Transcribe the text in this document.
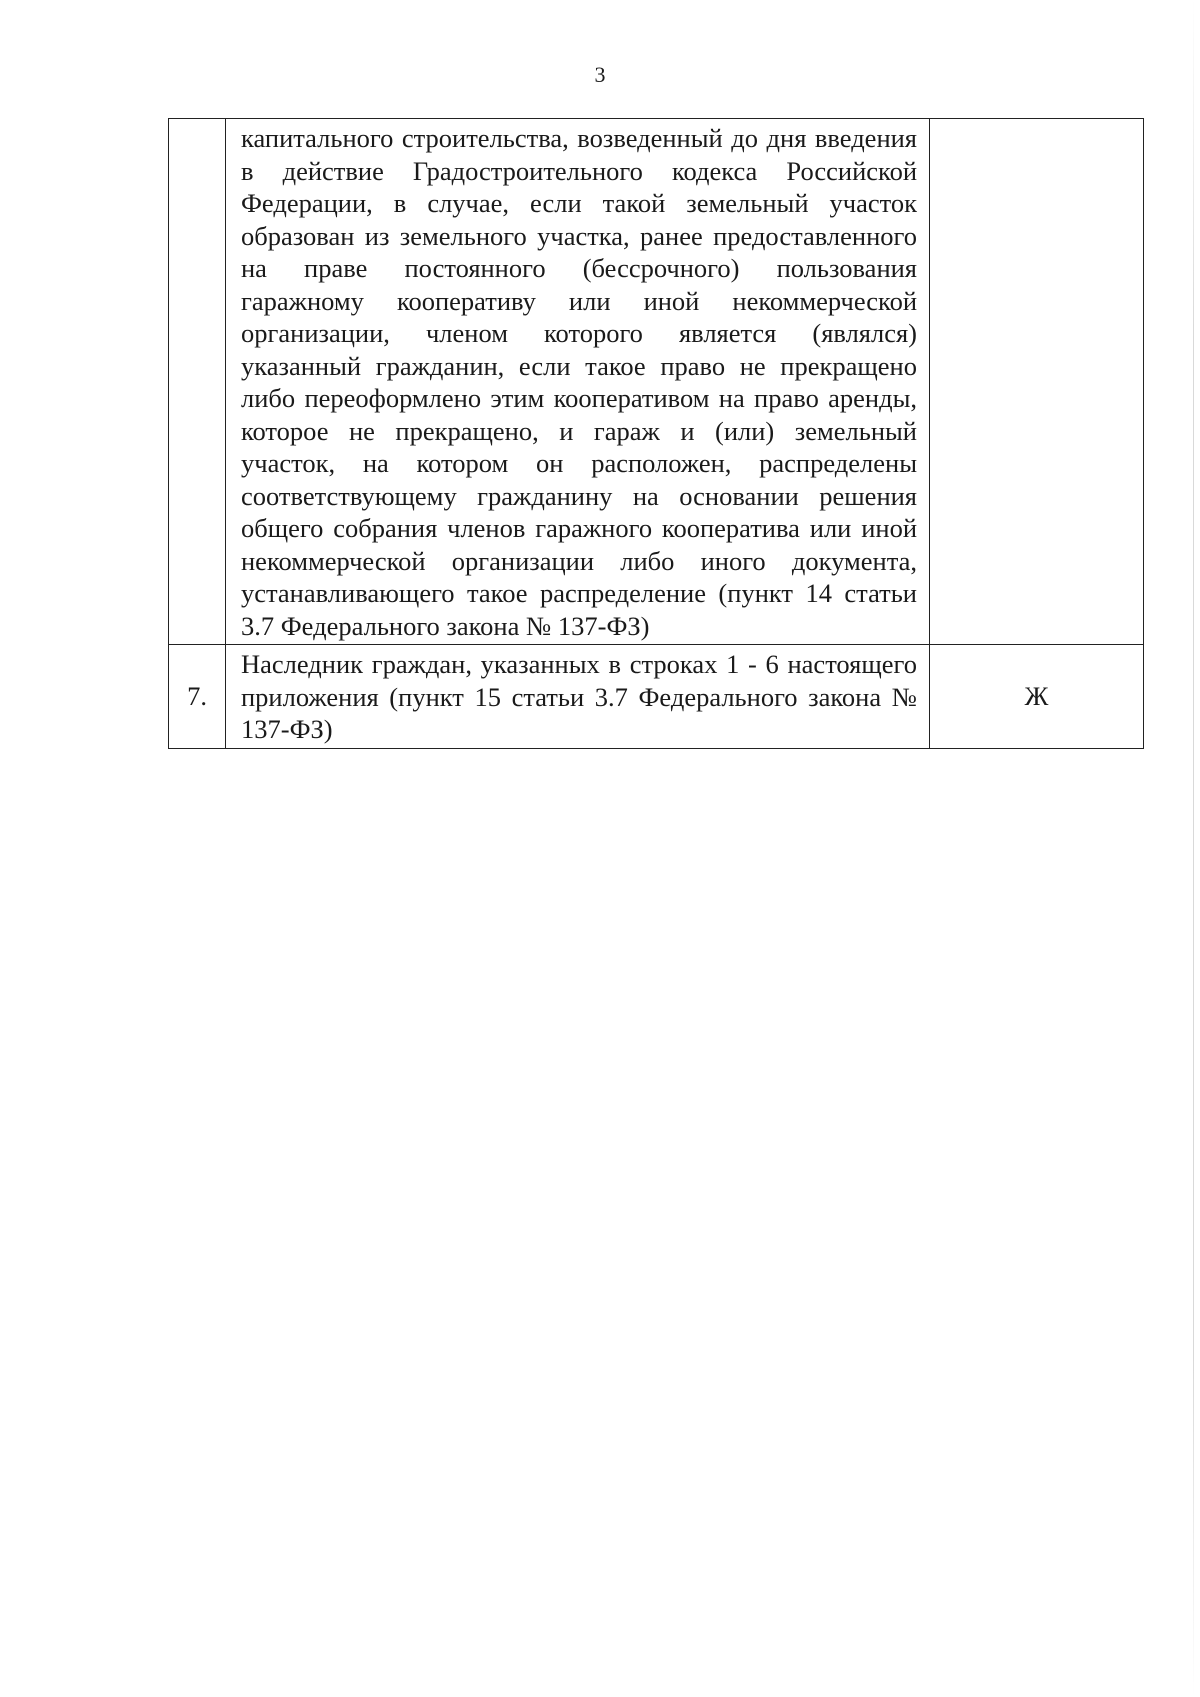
3
	капитального строительства, возведенный до дня введения в действие Градостроительного кодекса Российской Федерации, в случае, если такой земельный участок образован из земельного участка, ранее предоставленного на праве постоянного (бессрочного) пользования гаражному кооперативу или иной некоммерческой организации, членом которого является (являлся) указанный гражданин, если такое право не прекращено либо переоформлено этим кооперативом на право аренды, которое не прекращено, и гараж и (или) земельный участок, на котором он расположен, распределены соответствующему гражданину на основании решения общего собрания членов гаражного кооператива или иной некоммерческой организации либо иного документа, устанавливающего такое распределение (пункт 14 статьи 3.7 Федерального закона № 137-ФЗ)	
7.	Наследник граждан, указанных в строках 1 - 6 настоящего приложения (пункт 15 статьи 3.7 Федерального закона № 137-ФЗ)	Ж
